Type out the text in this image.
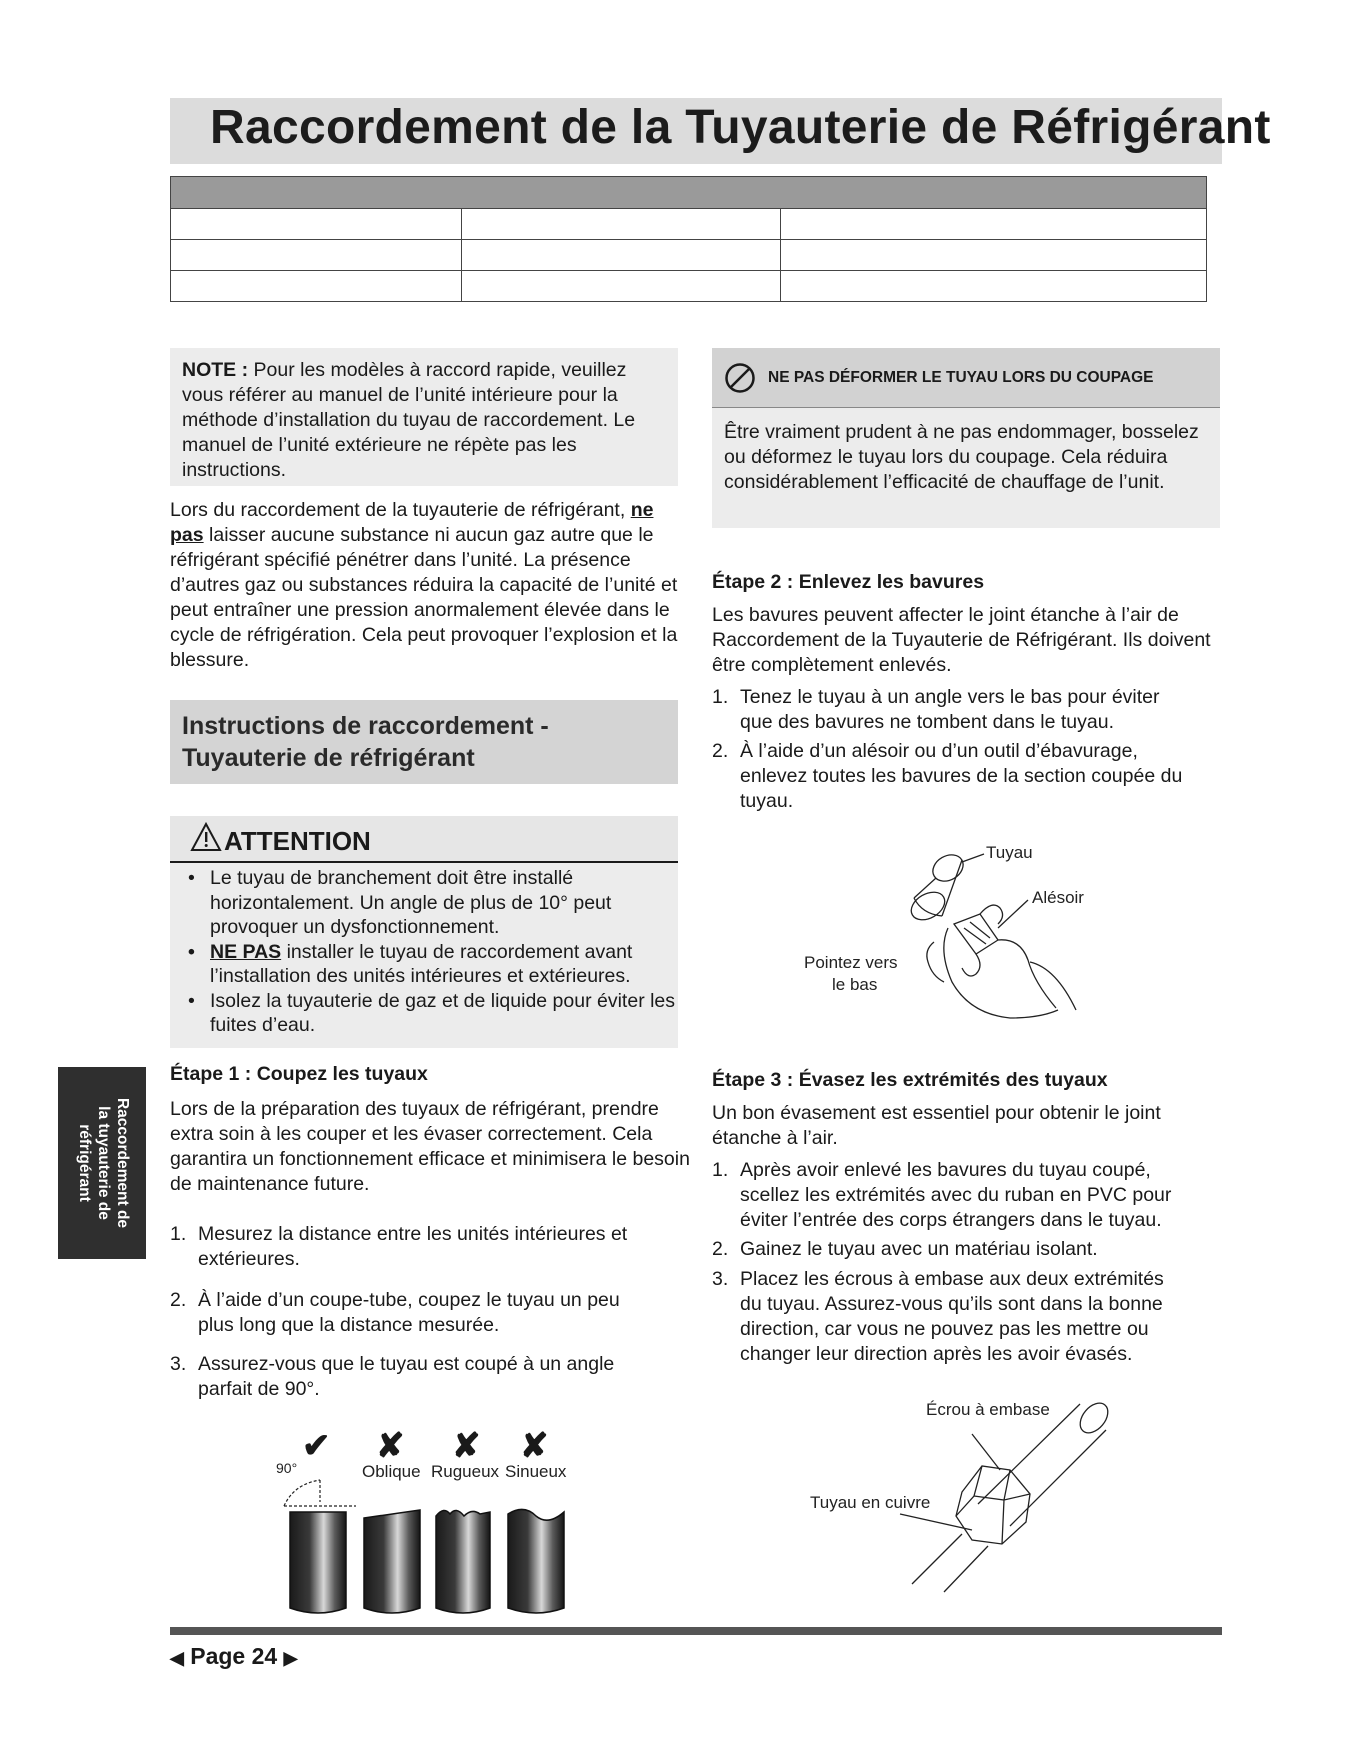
Raccordement de la Tuyauterie de Réfrigérant

NOTE : Pour les modèles à raccord rapide, veuillez vous référer au manuel de l’unité intérieure pour la méthode d’installation du tuyau de raccordement. Le manuel de l’unité extérieure ne répète pas les instructions.
Lors du raccordement de la tuyauterie de réfrigérant, ne pas laisser aucune substance ni aucun gaz autre que le réfrigérant spécifié pénétrer dans l’unité. La présence d’autres gaz ou substances réduira la capacité de l’unité et peut entraîner une pression anormalement élevée dans le cycle de réfrigération. Cela peut provoquer l’explosion et la blessure.
Instructions de raccordement -
Tuyauterie de réfrigérant
ATTENTION
• Le tuyau de branchement doit être installé horizontalement. Un angle de plus de 10° peut provoquer un dysfonctionnement.
• NE PAS installer le tuyau de raccordement avant l’installation des unités intérieures et extérieures.
• Isolez la tuyauterie de gaz et de liquide pour éviter les fuites d’eau.
Étape 1 : Coupez les tuyaux
Lors de la préparation des tuyaux de réfrigérant, prendre extra soin à les couper et les évaser correctement. Cela garantira un fonctionnement efficace et minimisera le besoin de maintenance future.
1. Mesurez la distance entre les unités intérieures et
extérieures.
2. À l’aide d’un coupe-tube, coupez le tuyau un peu
plus long que la distance mesurée.
3. Assurez-vous que le tuyau est coupé à un angle
parfait de 90°.
✔ ✘ ✘ ✘
90°	Oblique Rugueux Sinueux
NE PAS DÉFORMER LE TUYAU LORS DU COUPAGE
Être vraiment prudent à ne pas endommager, bosselez ou déformez le tuyau lors du coupage. Cela réduira considérablement l’efficacité de chauffage de l’unit.
Étape 2 : Enlevez les bavures
Les bavures peuvent affecter le joint étanche à l’air de Raccordement de la Tuyauterie de Réfrigérant. Ils doivent être complètement enlevés.
1. Tenez le tuyau à un angle vers le bas pour éviter
que des bavures ne tombent dans le tuyau.
2. À l’aide d’un alésoir ou d’un outil d’ébavurage,
enlevez toutes les bavures de la section coupée du
tuyau.
Tuyau
Alésoir
Pointez vers
le bas
Étape 3 : Évasez les extrémités des tuyaux
Un bon évasement est essentiel pour obtenir le joint étanche à l’air.
1. Après avoir enlevé les bavures du tuyau coupé,
scellez les extrémités avec du ruban en PVC pour
éviter l’entrée des corps étrangers dans le tuyau.
2. Gainez le tuyau avec un matériau isolant.
3. Placez les écrous à embase aux deux extrémités
du tuyau. Assurez-vous qu’ils sont dans la bonne
direction, car vous ne pouvez pas les mettre ou
changer leur direction après les avoir évasés.
Écrou à embase
Tuyau en cuivre
Raccordement de
la tuyauterie de
réfrigérant
◀ Page 24 ▶
